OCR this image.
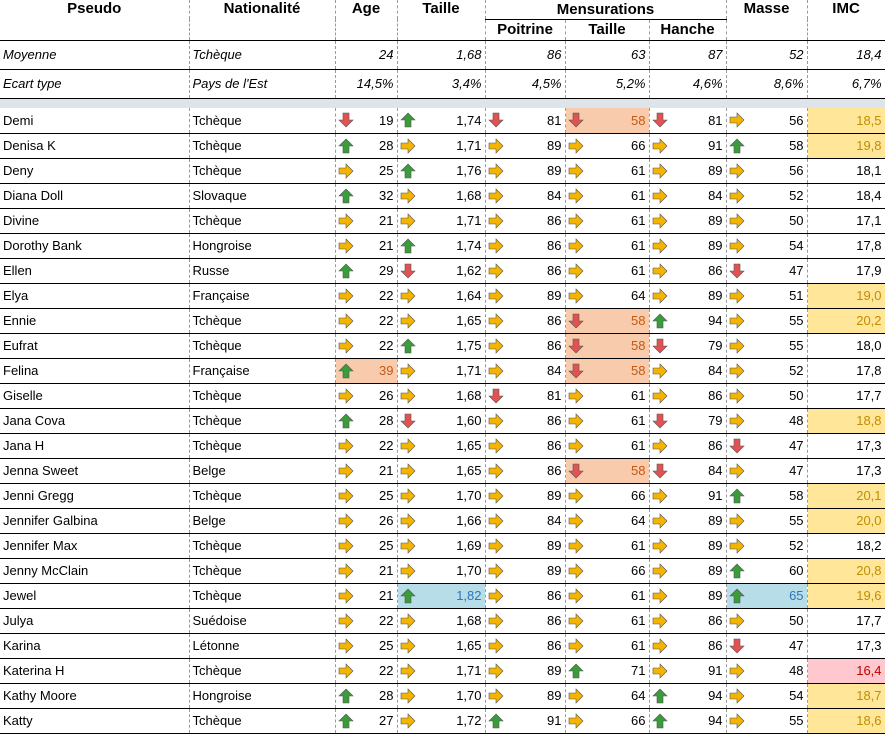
Pseudo	Nationalité	Age	Taille	Mensurations			Masse	IMC
				Poitrine	Taille	Hanche		
Moyenne	Tchèque	24	1,68	86	63	87	52	18,4
Ecart type	Pays de l'Est	14,5%	3,4%	4,5%	5,2%	4,6%	8,6%	6,7%

Demi	Tchèque	19	1,74	81	58	81	56	18,5
Denisa K	Tchèque	28	1,71	89	66	91	58	19,8
Deny	Tchèque	25	1,76	89	61	89	56	18,1
Diana Doll	Slovaque	32	1,68	84	61	84	52	18,4
Divine	Tchèque	21	1,71	86	61	89	50	17,1
Dorothy Bank	Hongroise	21	1,74	86	61	89	54	17,8
Ellen	Russe	29	1,62	86	61	86	47	17,9
Elya	Française	22	1,64	89	64	89	51	19,0
Ennie	Tchèque	22	1,65	86	58	94	55	20,2
Eufrat	Tchèque	22	1,75	86	58	79	55	18,0
Felina	Française	39	1,71	84	58	84	52	17,8
Giselle	Tchèque	26	1,68	81	61	86	50	17,7
Jana Cova	Tchèque	28	1,60	86	61	79	48	18,8
Jana H	Tchèque	22	1,65	86	61	86	47	17,3
Jenna Sweet	Belge	21	1,65	86	58	84	47	17,3
Jenni Gregg	Tchèque	25	1,70	89	66	91	58	20,1
Jennifer Galbina	Belge	26	1,66	84	64	89	55	20,0
Jennifer Max	Tchèque	25	1,69	89	61	89	52	18,2
Jenny McClain	Tchèque	21	1,70	89	66	89	60	20,8
Jewel	Tchèque	21	1,82	86	61	89	65	19,6
Julya	Suédoise	22	1,68	86	61	86	50	17,7
Karina	Létonne	25	1,65	86	61	86	47	17,3
Katerina H	Tchèque	22	1,71	89	71	91	48	16,4
Kathy Moore	Hongroise	28	1,70	89	64	94	54	18,7
Katty	Tchèque	27	1,72	91	66	94	55	18,6
